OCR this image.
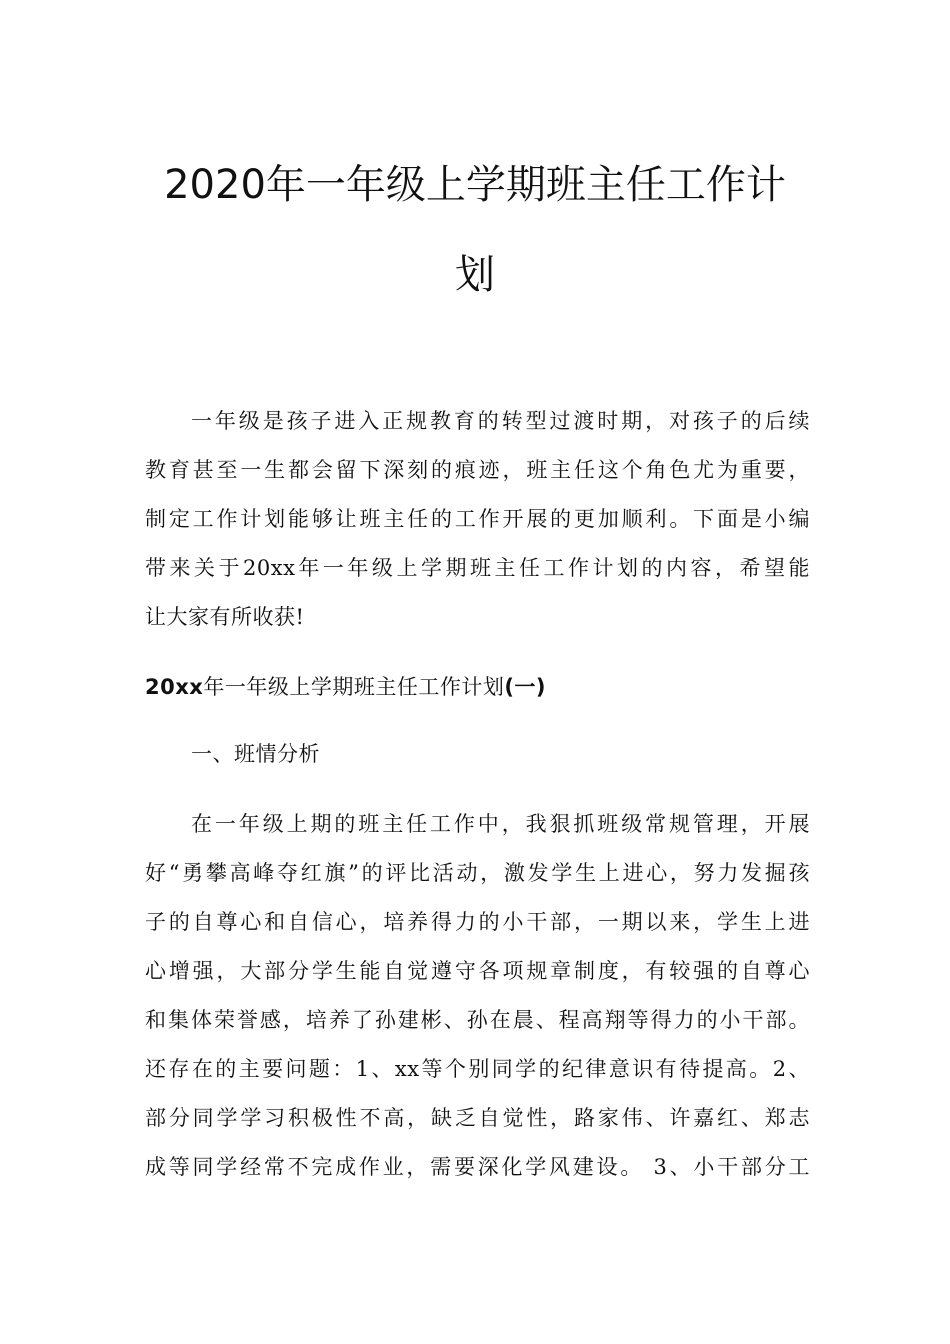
2020年一年级上学期班主任工作计
划
一年级是孩子进入正规教育的转型过渡时期，对孩子的后续
教育甚至一生都会留下深刻的痕迹，班主任这个角色尤为重要，
制定工作计划能够让班主任的工作开展的更加顺利。下面是小编
带来关于20xx年一年级上学期班主任工作计划的内容，希望能
让大家有所收获!
20xx年一年级上学期班主任工作计划(一)
一、班情分析
在一年级上期的班主任工作中，我狠抓班级常规管理，开展
好“勇攀高峰夺红旗”的评比活动，激发学生上进心，努力发掘孩
子的自尊心和自信心，培养得力的小干部，一期以来，学生上进
心增强，大部分学生能自觉遵守各项规章制度，有较强的自尊心
和集体荣誉感，培养了孙建彬、孙在晨、程高翔等得力的小干部。
还存在的主要问题：1、xx等个别同学的纪律意识有待提高。2、
部分同学学习积极性不高，缺乏自觉性，路家伟、许嘉红、郑志
成等同学经常不完成作业，需要深化学风建设。 3、小干部分工
